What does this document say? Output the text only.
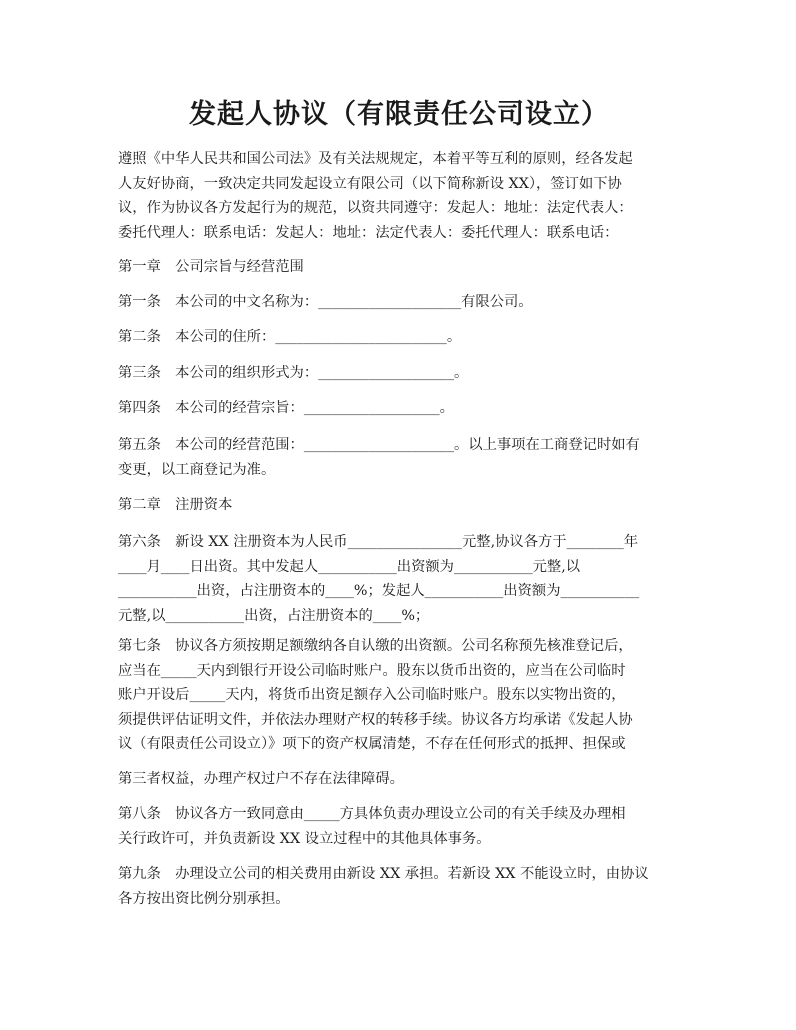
发起人协议（有限责任公司设立）
遵照《中华人民共和国公司法》及有关法规规定，本着平等互利的原则，经各发起
人友好协商，一致决定共同发起设立有限公司（以下简称新设 XX），签订如下协
议，作为协议各方发起行为的规范，以资共同遵守：发起人：地址：法定代表人：
委托代理人：联系电话：发起人：地址：法定代表人：委托代理人：联系电话：
第一章　公司宗旨与经营范围
第一条　本公司的中文名称为：____________________有限公司。
第二条　本公司的住所：________________________。
第三条　本公司的组织形式为：___________________。
第四条　本公司的经营宗旨：___________________。
第五条　本公司的经营范围：_____________________。以上事项在工商登记时如有
变更，以工商登记为准。
第二章　注册资本
第六条　新设 XX 注册资本为人民币________________元整,协议各方于________年
____月____日出资。其中发起人___________出资额为___________元整,以
___________出资，占注册资本的____%；发起人___________出资额为___________
元整,以___________出资，占注册资本的____%；
第七条　协议各方须按期足额缴纳各自认缴的出资额。公司名称预先核准登记后，
应当在_____天内到银行开设公司临时账户。股东以货币出资的，应当在公司临时
账户开设后_____天内，将货币出资足额存入公司临时账户。股东以实物出资的，
须提供评估证明文件，并依法办理财产权的转移手续。协议各方均承诺《发起人协
议（有限责任公司设立）》项下的资产权属清楚，不存在任何形式的抵押、担保或
第三者权益，办理产权过户不存在法律障碍。
第八条　协议各方一致同意由_____方具体负责办理设立公司的有关手续及办理相
关行政许可，并负责新设 XX 设立过程中的其他具体事务。
第九条　办理设立公司的相关费用由新设 XX 承担。若新设 XX 不能设立时，由协议
各方按出资比例分别承担。
